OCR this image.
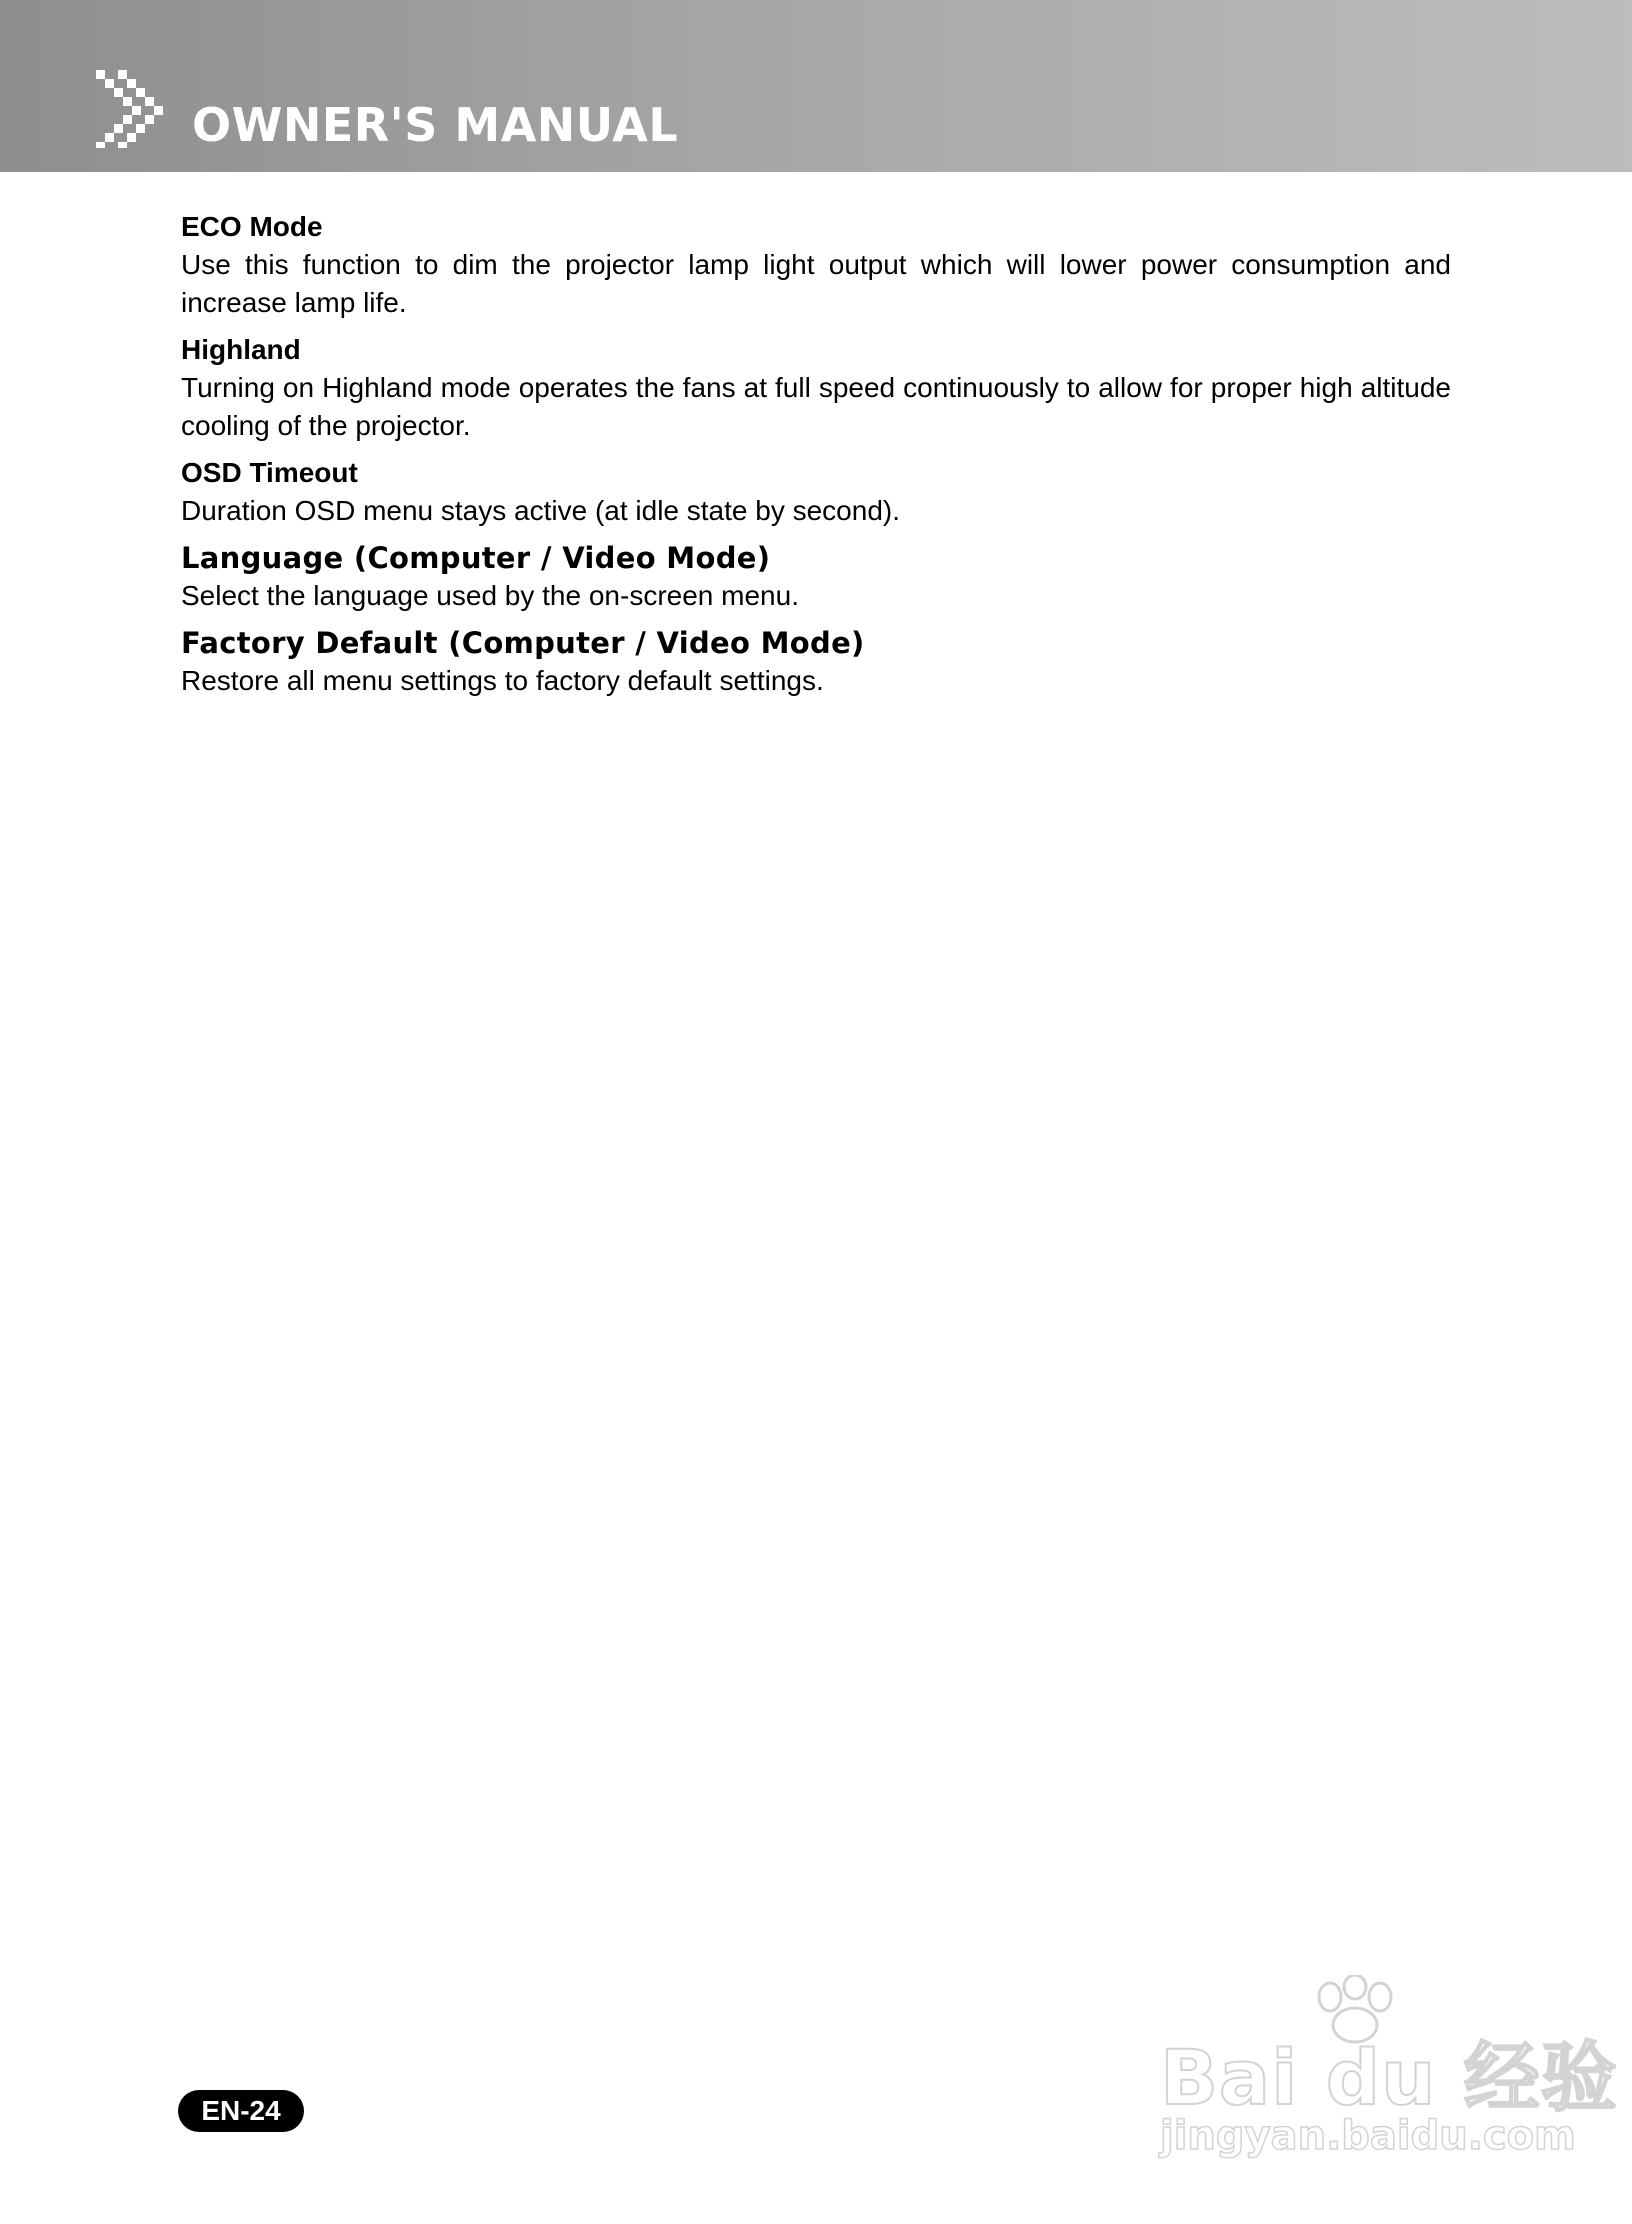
OWNER'S MANUAL

ECO Mode

Use this function to dim the projector lamp light output which will lower power consumption and increase lamp life.

Highland

Turning on Highland mode operates the fans at full speed continuously to allow for proper high altitude cooling of the projector.

OSD Timeout

Duration OSD menu stays active (at idle state by second).

Language (Computer / Video Mode)

Select the language used by the on-screen menu.

Factory Default (Computer / Video Mode)

Restore all menu settings to factory default settings.

EN-24	Bai du 经验
jingyan.baidu.com
